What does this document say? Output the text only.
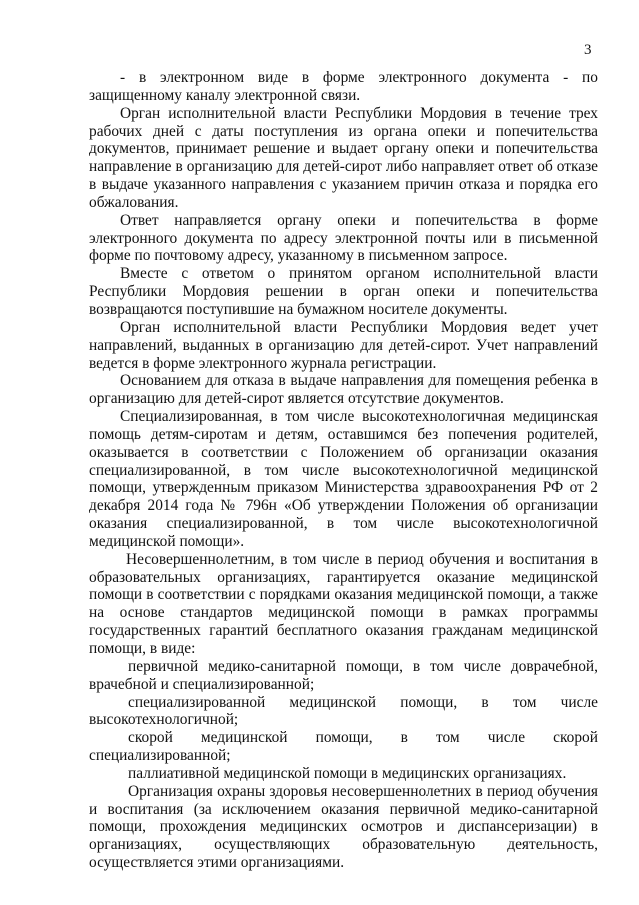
3

- в электронном виде в форме электронного документа - по защищенному каналу электронной связи.

Орган исполнительной власти Республики Мордовия в течение трех рабочих дней с даты поступления из органа опеки и попечительства документов, принимает решение и выдает органу опеки и попечительства направление в организацию для детей-сирот либо направляет ответ об отказе в выдаче указанного направления с указанием причин отказа и порядка его обжалования.

Ответ направляется органу опеки и попечительства в форме электронного документа по адресу электронной почты или в письменной форме по почтовому адресу, указанному в письменном запросе.

Вместе с ответом о принятом органом исполнительной власти Республики Мордовия решении в орган опеки и попечительства возвращаются поступившие на бумажном носителе документы.

Орган исполнительной власти Республики Мордовия ведет учет направлений, выданных в организацию для детей-сирот. Учет направлений ведется в форме электронного журнала регистрации.

Основанием для отказа в выдаче направления для помещения ребенка в организацию для детей-сирот является отсутствие документов.

Специализированная, в том числе высокотехнологичная медицинская помощь детям-сиротам и детям, оставшимся без попечения родителей, оказывается в соответствии с Положением об организации оказания специализированной, в том числе высокотехнологичной медицинской помощи, утвержденным приказом Министерства здравоохранения РФ от 2 декабря 2014 года № 796н «Об утверждении Положения об организации оказания специализированной, в том числе высокотехнологичной медицинской помощи».

Несовершеннолетним, в том числе в период обучения и воспитания в образовательных организациях, гарантируется оказание медицинской помощи в соответствии с порядками оказания медицинской помощи, а также на основе стандартов медицинской помощи в рамках программы государственных гарантий бесплатного оказания гражданам медицинской помощи, в виде:

первичной медико-санитарной помощи, в том числе доврачебной, врачебной и специализированной;

специализированной медицинской помощи, в том числе высокотехнологичной;

скорой медицинской помощи, в том числе скорой специализированной;

паллиативной медицинской помощи в медицинских организациях.

Организация охраны здоровья несовершеннолетних в период обучения и воспитания (за исключением оказания первичной медико-санитарной помощи, прохождения медицинских осмотров и диспансеризации) в организациях, осуществляющих образовательную деятельность, осуществляется этими организациями.
